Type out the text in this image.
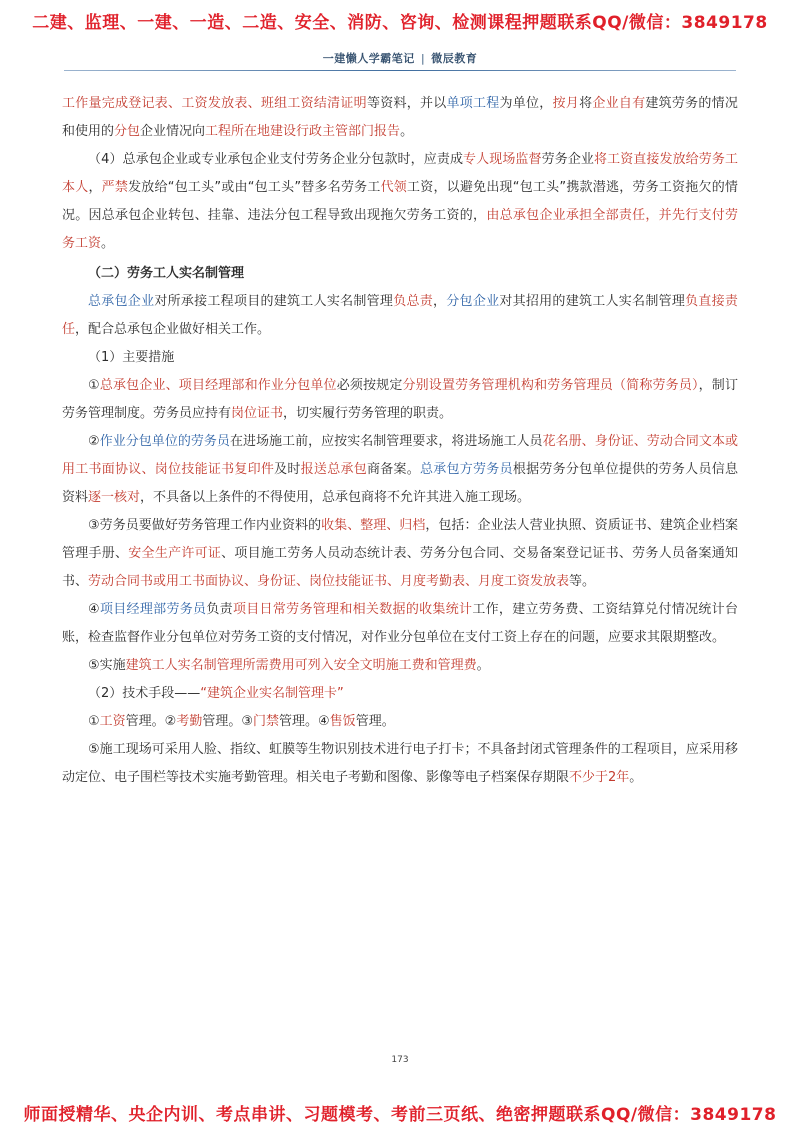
二建、监理、一建、一造、二造、安全、消防、咨询、检测课程押题联系QQ/微信：3849178
一建懒人学霸笔记 | 微辰教育

工作量完成登记表、工资发放表、班组工资结清证明等资料，并以单项工程为单位，按月将企业自有建筑劳务的情况和使用的分包企业情况向工程所在地建设行政主管部门报告。

（4）总承包企业或专业承包企业支付劳务企业分包款时，应责成专人现场监督劳务企业将工资直接发放给劳务工本人，严禁发放给“包工头”或由“包工头”替多名劳务工代领工资，以避免出现“包工头”携款潜逃，劳务工资拖欠的情况。因总承包企业转包、挂靠、违法分包工程导致出现拖欠劳务工资的，由总承包企业承担全部责任，并先行支付劳务工资。

（二）劳务工人实名制管理

总承包企业对所承接工程项目的建筑工人实名制管理负总责，分包企业对其招用的建筑工人实名制管理负直接责任，配合总承包企业做好相关工作。

（1）主要措施

①总承包企业、项目经理部和作业分包单位必须按规定分别设置劳务管理机构和劳务管理员（简称劳务员），制订劳务管理制度。劳务员应持有岗位证书，切实履行劳务管理的职责。

②作业分包单位的劳务员在进场施工前，应按实名制管理要求，将进场施工人员花名册、身份证、劳动合同文本或用工书面协议、岗位技能证书复印件及时报送总承包商备案。总承包方劳务员根据劳务分包单位提供的劳务人员信息资料逐一核对，不具备以上条件的不得使用，总承包商将不允许其进入施工现场。

③劳务员要做好劳务管理工作内业资料的收集、整理、归档，包括：企业法人营业执照、资质证书、建筑企业档案管理手册、安全生产许可证、项目施工劳务人员动态统计表、劳务分包合同、交易备案登记证书、劳务人员备案通知书、劳动合同书或用工书面协议、身份证、岗位技能证书、月度考勤表、月度工资发放表等。

④项目经理部劳务员负责项目日常劳务管理和相关数据的收集统计工作，建立劳务费、工资结算兑付情况统计台账，检查监督作业分包单位对劳务工资的支付情况，对作业分包单位在支付工资上存在的问题，应要求其限期整改。

⑤实施建筑工人实名制管理所需费用可列入安全文明施工费和管理费。

（2）技术手段——“建筑企业实名制管理卡”

①工资管理。②考勤管理。③门禁管理。④售饭管理。

⑤施工现场可采用人脸、指纹、虹膜等生物识别技术进行电子打卡；不具备封闭式管理条件的工程项目，应采用移动定位、电子围栏等技术实施考勤管理。相关电子考勤和图像、影像等电子档案保存期限不少于2年。

173
师面授精华、央企内训、考点串讲、习题模考、考前三页纸、绝密押题联系QQ/微信：3849178
